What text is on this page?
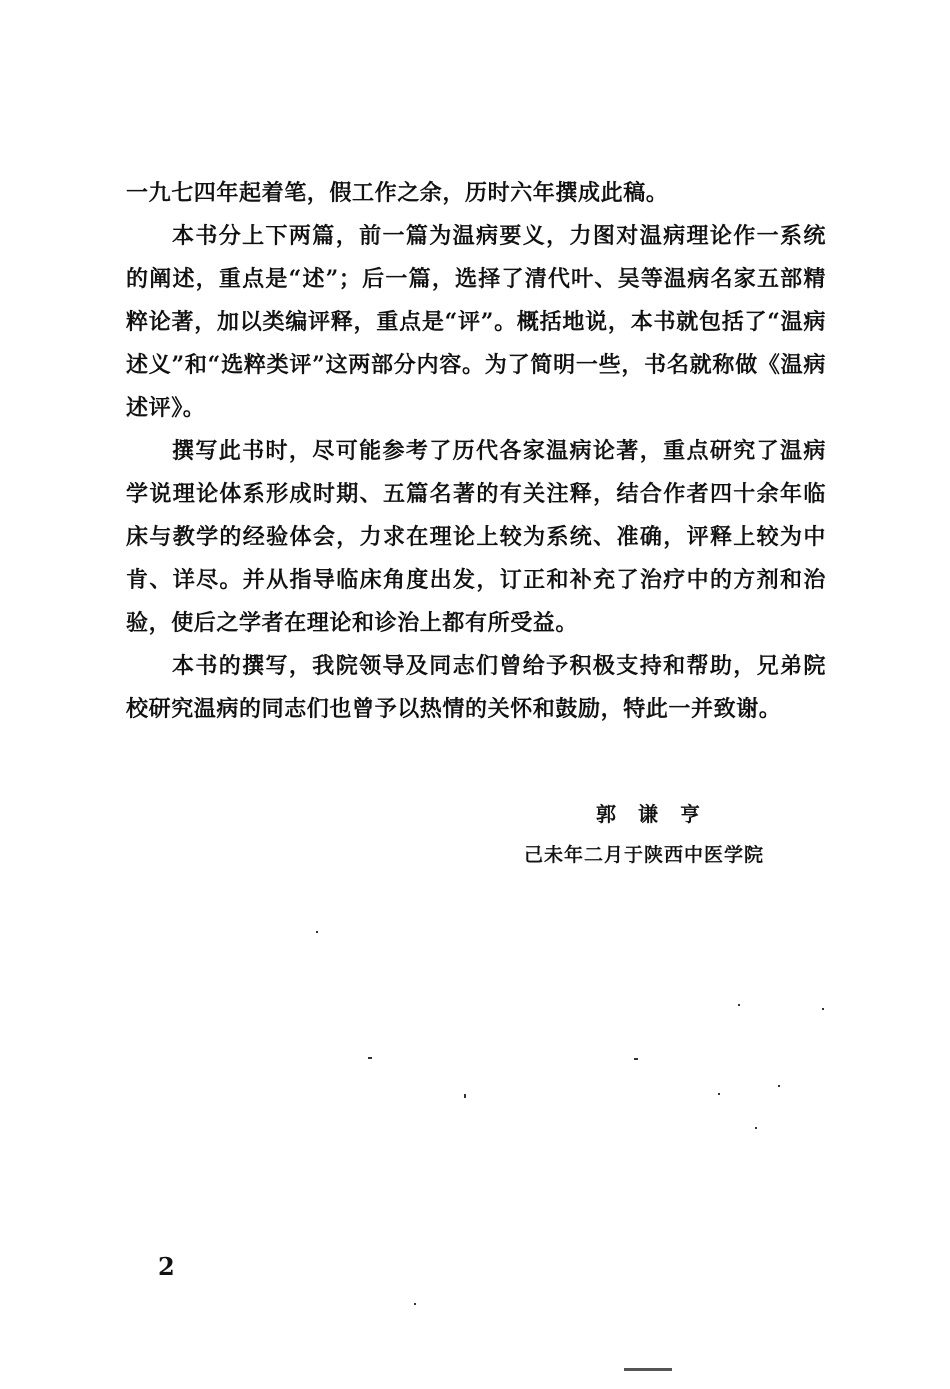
一九七四年起着笔，假工作之余，历时六年撰成此稿。

本书分上下两篇，前一篇为温病要义，力图对温病理论作一系统的阐述，重点是“述”；后一篇，选择了清代叶、吴等温病名家五部精粹论著，加以类编评释，重点是“评”。概括地说，本书就包括了“温病述义”和“选粹类评”这两部分内容。为了简明一些，书名就称做《温病述评》。

撰写此书时，尽可能参考了历代各家温病论著，重点研究了温病学说理论体系形成时期、五篇名著的有关注释，结合作者四十余年临床与教学的经验体会，力求在理论上较为系统、准确，评释上较为中肯、详尽。并从指导临床角度出发，订正和补充了治疗中的方剂和治验，使后之学者在理论和诊治上都有所受益。

本书的撰写，我院领导及同志们曾给予积极支持和帮助，兄弟院校研究温病的同志们也曾予以热情的关怀和鼓励，特此一并致谢。

郭谦亨
己未年二月于陕西中医学院
2
